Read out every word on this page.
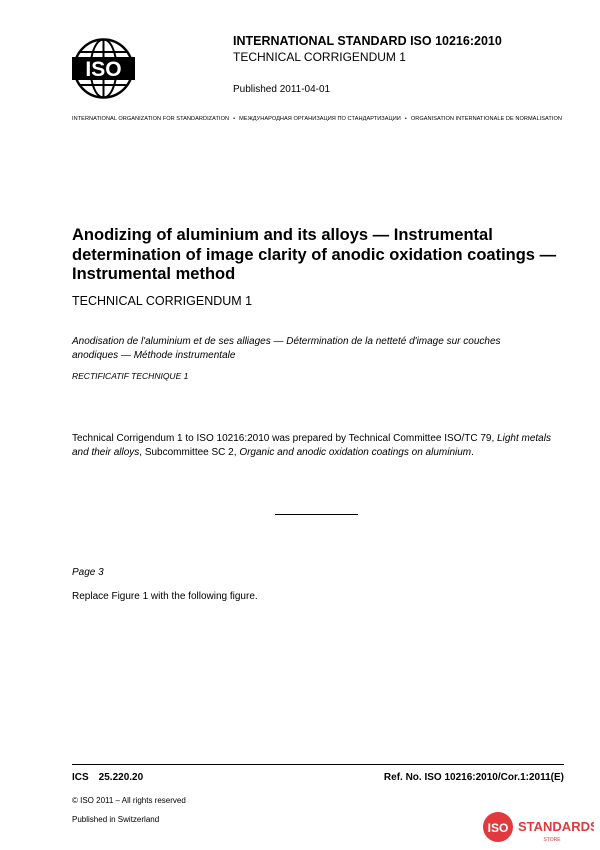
ISO
INTERNATIONAL STANDARD ISO 10216:2010
TECHNICAL CORRIGENDUM 1
Published 2011-04-01
INTERNATIONAL ORGANIZATION FOR STANDARDIZATION • МЕЖДУНАРОДНАЯ ОРГАНИЗАЦИЯ ПО СТАНДАРТИЗАЦИИ • ORGANISATION INTERNATIONALE DE NORMALISATION
Anodizing of aluminium and its alloys — Instrumental determination of image clarity of anodic oxidation coatings — Instrumental method
TECHNICAL CORRIGENDUM 1
Anodisation de l'aluminium et de ses alliages — Détermination de la netteté d'image sur couches anodiques — Méthode instrumentale
RECTIFICATIF TECHNIQUE 1
Technical Corrigendum 1 to ISO 10216:2010 was prepared by Technical Committee ISO/TC 79, Light metals and their alloys, Subcommittee SC 2, Organic and anodic oxidation coatings on aluminium.
Page 3
Replace Figure 1 with the following figure.
ICS 25.220.20	Ref. No. ISO 10216:2010/Cor.1:2011(E)
© ISO 2011 – All rights reserved
Published in Switzerland
ISO STANDARDS
STORE
